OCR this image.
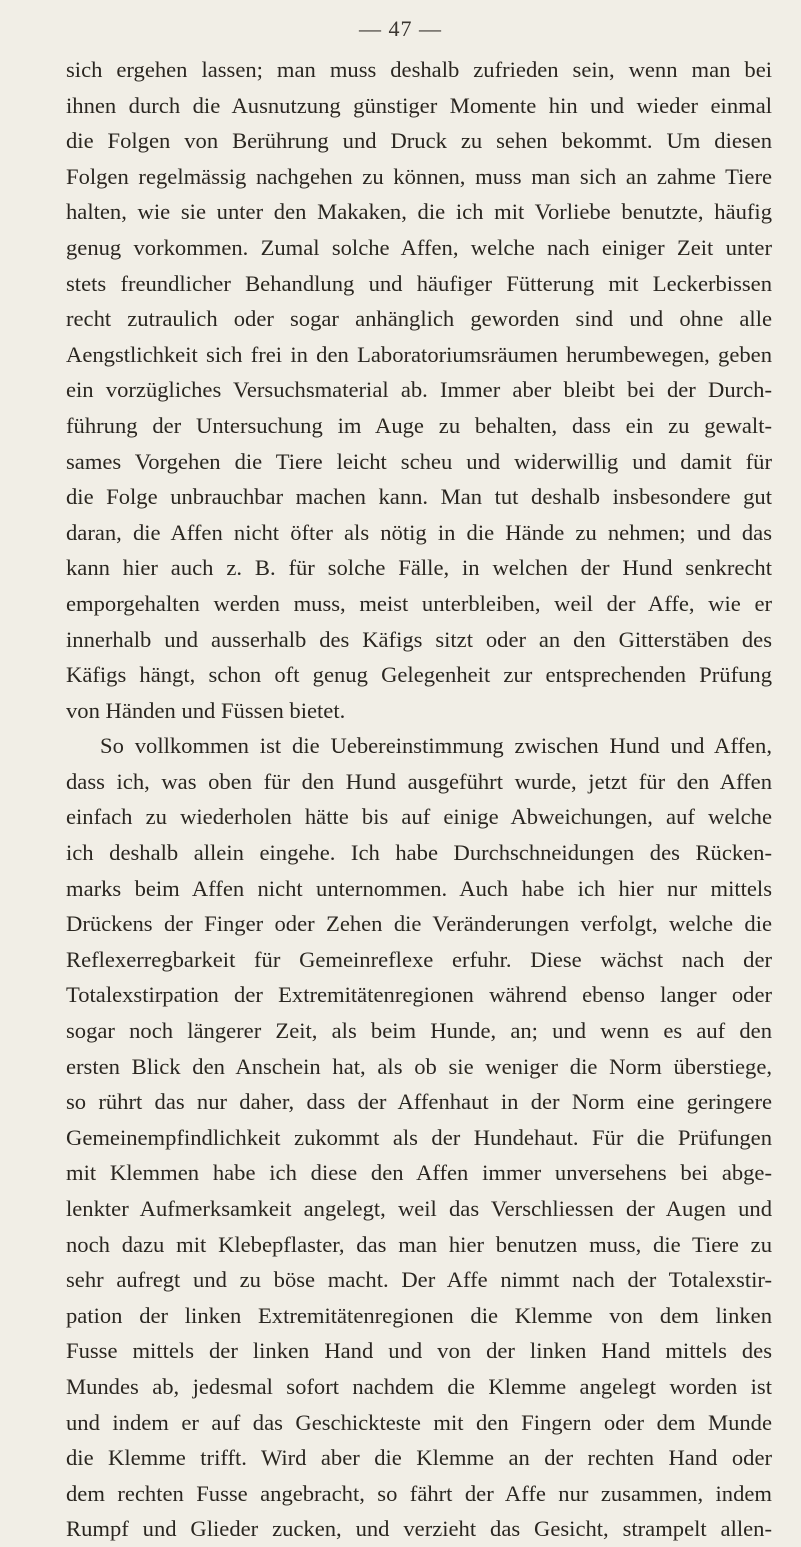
— 47 —
sich ergehen lassen; man muss deshalb zufrieden sein, wenn man bei
ihnen durch die Ausnutzung günstiger Momente hin und wieder einmal
die Folgen von Berührung und Druck zu sehen bekommt. Um diesen
Folgen regelmässig nachgehen zu können, muss man sich an zahme Tiere
halten, wie sie unter den Makaken, die ich mit Vorliebe benutzte, häufig
genug vorkommen. Zumal solche Affen, welche nach einiger Zeit unter
stets freundlicher Behandlung und häufiger Fütterung mit Leckerbissen
recht zutraulich oder sogar anhänglich geworden sind und ohne alle
Aengstlichkeit sich frei in den Laboratoriumsräumen herumbewegen, geben
ein vorzügliches Versuchsmaterial ab. Immer aber bleibt bei der Durch-
führung der Untersuchung im Auge zu behalten, dass ein zu gewalt-
sames Vorgehen die Tiere leicht scheu und widerwillig und damit für
die Folge unbrauchbar machen kann. Man tut deshalb insbesondere gut
daran, die Affen nicht öfter als nötig in die Hände zu nehmen; und das
kann hier auch z. B. für solche Fälle, in welchen der Hund senkrecht
emporgehalten werden muss, meist unterbleiben, weil der Affe, wie er
innerhalb und ausserhalb des Käfigs sitzt oder an den Gitterstäben des
Käfigs hängt, schon oft genug Gelegenheit zur entsprechenden Prüfung
von Händen und Füssen bietet.
So vollkommen ist die Uebereinstimmung zwischen Hund und Affen,
dass ich, was oben für den Hund ausgeführt wurde, jetzt für den Affen
einfach zu wiederholen hätte bis auf einige Abweichungen, auf welche
ich deshalb allein eingehe. Ich habe Durchschneidungen des Rücken-
marks beim Affen nicht unternommen. Auch habe ich hier nur mittels
Drückens der Finger oder Zehen die Veränderungen verfolgt, welche die
Reflexerregbarkeit für Gemeinreflexe erfuhr. Diese wächst nach der
Totalexstirpation der Extremitätenregionen während ebenso langer oder
sogar noch längerer Zeit, als beim Hunde, an; und wenn es auf den
ersten Blick den Anschein hat, als ob sie weniger die Norm überstiege,
so rührt das nur daher, dass der Affenhaut in der Norm eine geringere
Gemeinempfindlichkeit zukommt als der Hundehaut. Für die Prüfungen
mit Klemmen habe ich diese den Affen immer unversehens bei abge-
lenkter Aufmerksamkeit angelegt, weil das Verschliessen der Augen und
noch dazu mit Klebepflaster, das man hier benutzen muss, die Tiere zu
sehr aufregt und zu böse macht. Der Affe nimmt nach der Totalexstir-
pation der linken Extremitätenregionen die Klemme von dem linken
Fusse mittels der linken Hand und von der linken Hand mittels des
Mundes ab, jedesmal sofort nachdem die Klemme angelegt worden ist
und indem er auf das Geschickteste mit den Fingern oder dem Munde
die Klemme trifft. Wird aber die Klemme an der rechten Hand oder
dem rechten Fusse angebracht, so fährt der Affe nur zusammen, indem
Rumpf und Glieder zucken, und verzieht das Gesicht, strampelt allen-
